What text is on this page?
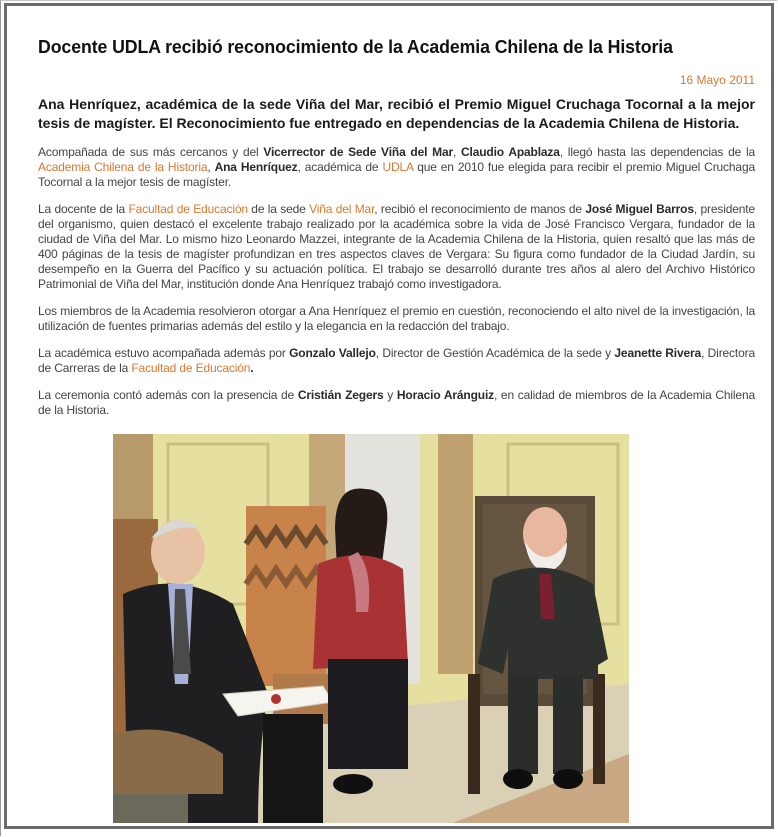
Docente UDLA recibió reconocimiento de la Academia Chilena de la Historia
16 Mayo 2011

Ana Henríquez, académica de la sede Viña del Mar, recibió el Premio Miguel Cruchaga Tocornal a la mejor tesis de magíster. El Reconocimiento fue entregado en dependencias de la Academia Chilena de Historia.

Acompañada de sus más cercanos y del Vicerrector de Sede Viña del Mar, Claudio Apablaza, llegó hasta las dependencias de la Academia Chilena de la Historia, Ana Henríquez, académica de UDLA que en 2010 fue elegida para recibir el premio Miguel Cruchaga Tocornal a la mejor tesis de magíster.

La docente de la Facultad de Educación de la sede Viña del Mar, recibió el reconocimiento de manos de José Miguel Barros, presidente del organismo, quien destacó el excelente trabajo realizado por la académica sobre la vida de José Francisco Vergara, fundador de la ciudad de Viña del Mar. Lo mismo hizo Leonardo Mazzei, integrante de la Academia Chilena de la Historia, quien resaltó que las más de 400 páginas de la tesis de magíster profundizan en tres aspectos claves de Vergara: Su figura como fundador de la Ciudad Jardín, su desempeño en la Guerra del Pacífico y su actuación política. El trabajo se desarrolló durante tres años al alero del Archivo Histórico Patrimonial de Viña del Mar, institución donde Ana Henríquez trabajó como investigadora.

Los miembros de la Academia resolvieron otorgar a Ana Henríquez el premio en cuestión, reconociendo el alto nivel de la investigación, la utilización de fuentes primarias además del estilo y la elegancia en la redacción del trabajo.

La académica estuvo acompañada además por Gonzalo Vallejo, Director de Gestión Académica de la sede y Jeanette Rivera, Directora de Carreras de la Facultad de Educación.

La ceremonia contó además con la presencia de Cristián Zegers y Horacio Aránguiz, en calidad de miembros de la Academia Chilena de la Historia.
